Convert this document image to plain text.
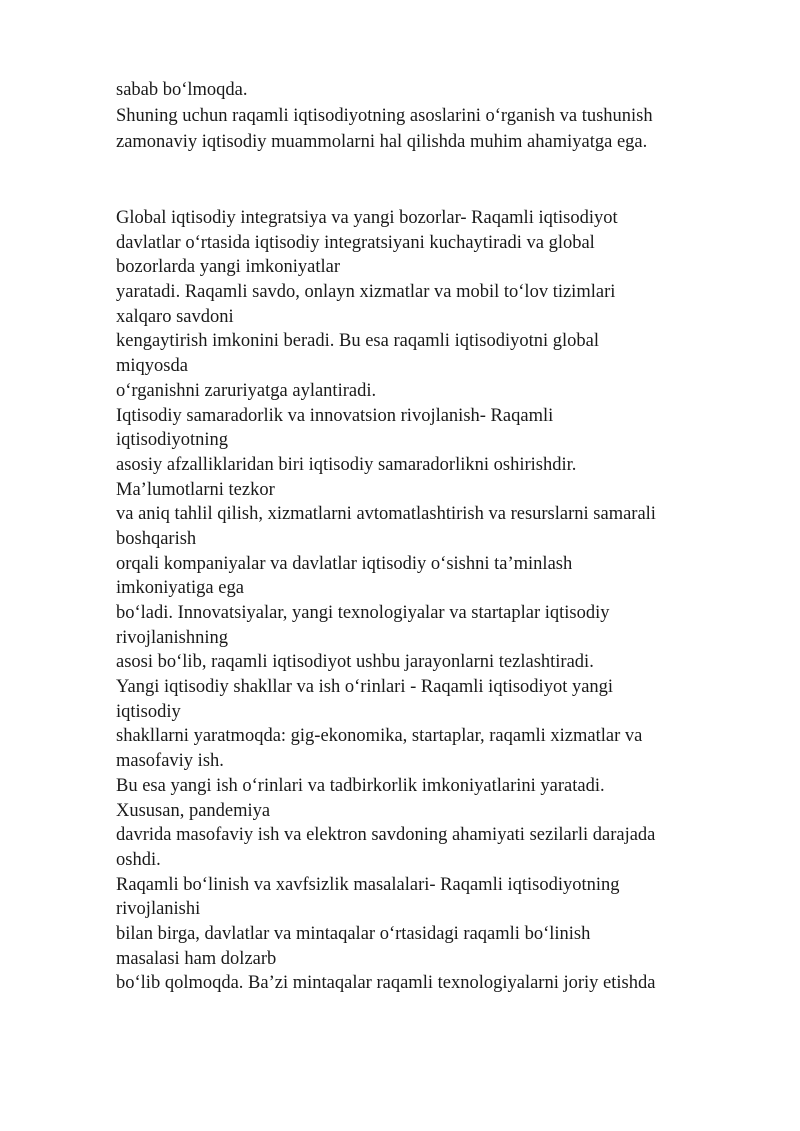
sabab bo‘lmoqda.
Shuning uchun raqamli iqtisodiyotning asoslarini o‘rganish va tushunish
zamonaviy iqtisodiy muammolarni hal qilishda muhim ahamiyatga ega.
Global iqtisodiy integratsiya va yangi bozorlar- Raqamli iqtisodiyot
davlatlar o‘rtasida iqtisodiy integratsiyani kuchaytiradi va global
bozorlarda yangi imkoniyatlar
yaratadi. Raqamli savdo, onlayn xizmatlar va mobil to‘lov tizimlari
xalqaro savdoni
kengaytirish imkonini beradi. Bu esa raqamli iqtisodiyotni global
miqyosda
o‘rganishni zaruriyatga aylantiradi.
Iqtisodiy samaradorlik va innovatsion rivojlanish- Raqamli
iqtisodiyotning
asosiy afzalliklaridan biri iqtisodiy samaradorlikni oshirishdir.
Ma’lumotlarni tezkor
va aniq tahlil qilish, xizmatlarni avtomatlashtirish va resurslarni samarali
boshqarish
orqali kompaniyalar va davlatlar iqtisodiy o‘sishni ta’minlash
imkoniyatiga ega
bo‘ladi. Innovatsiyalar, yangi texnologiyalar va startaplar iqtisodiy
rivojlanishning
asosi bo‘lib, raqamli iqtisodiyot ushbu jarayonlarni tezlashtiradi.
Yangi iqtisodiy shakllar va ish o‘rinlari - Raqamli iqtisodiyot yangi
iqtisodiy
shakllarni yaratmoqda: gig-ekonomika, startaplar, raqamli xizmatlar va
masofaviy ish.
Bu esa yangi ish o‘rinlari va tadbirkorlik imkoniyatlarini yaratadi.
Xususan, pandemiya
davrida masofaviy ish va elektron savdoning ahamiyati sezilarli darajada
oshdi.
Raqamli bo‘linish va xavfsizlik masalalari- Raqamli iqtisodiyotning
rivojlanishi
bilan birga, davlatlar va mintaqalar o‘rtasidagi raqamli bo‘linish
masalasi ham dolzarb
bo‘lib qolmoqda. Ba’zi mintaqalar raqamli texnologiyalarni joriy etishda
